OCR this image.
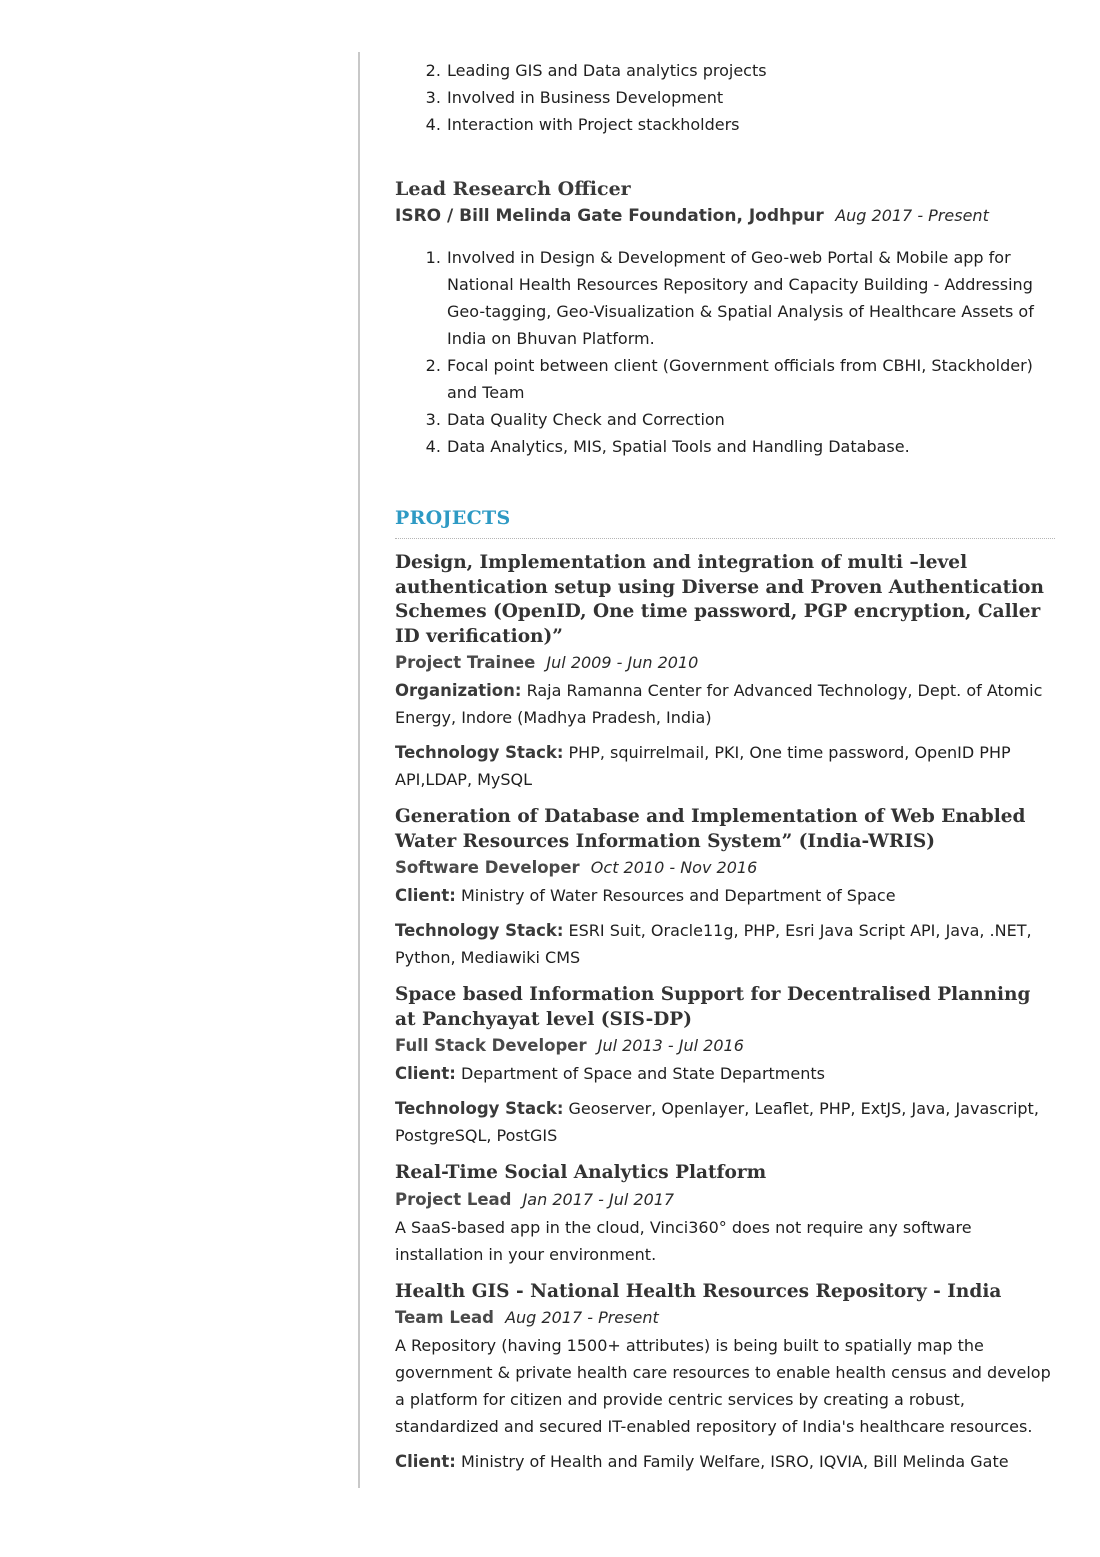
2. Leading GIS and Data analytics projects
3. Involved in Business Development
4. Interaction with Project stackholders
Lead Research Officer
ISRO / Bill Melinda Gate Foundation, Jodhpur Aug 2017 - Present
1. Involved in Design & Development of Geo-web Portal & Mobile app for National Health Resources Repository and Capacity Building - Addressing Geo-tagging, Geo-Visualization & Spatial Analysis of Healthcare Assets of India on Bhuvan Platform.
2. Focal point between client (Government officials from CBHI, Stackholder) and Team
3. Data Quality Check and Correction
4. Data Analytics, MIS, Spatial Tools and Handling Database.
PROJECTS
Design, Implementation and integration of multi –level authentication setup using Diverse and Proven Authentication Schemes (OpenID, One time password, PGP encryption, Caller ID verification)”
Project Trainee Jul 2009 - Jun 2010
Organization: Raja Ramanna Center for Advanced Technology, Dept. of Atomic Energy, Indore (Madhya Pradesh, India)
Technology Stack: PHP, squirrelmail, PKI, One time password, OpenID PHP API,LDAP, MySQL
Generation of Database and Implementation of Web Enabled Water Resources Information System” (India-WRIS)
Software Developer Oct 2010 - Nov 2016
Client: Ministry of Water Resources and Department of Space
Technology Stack: ESRI Suit, Oracle11g, PHP, Esri Java Script API, Java, .NET, Python, Mediawiki CMS
Space based Information Support for Decentralised Planning at Panchyayat level (SIS-DP)
Full Stack Developer Jul 2013 - Jul 2016
Client: Department of Space and State Departments
Technology Stack: Geoserver, Openlayer, Leaflet, PHP, ExtJS, Java, Javascript, PostgreSQL, PostGIS
Real-Time Social Analytics Platform
Project Lead Jan 2017 - Jul 2017
A SaaS-based app in the cloud, Vinci360° does not require any software installation in your environment.
Health GIS - National Health Resources Repository - India
Team Lead Aug 2017 - Present
A Repository (having 1500+ attributes) is being built to spatially map the government & private health care resources to enable health census and develop a platform for citizen and provide centric services by creating a robust, standardized and secured IT-enabled repository of India's healthcare resources.
Client: Ministry of Health and Family Welfare, ISRO, IQVIA, Bill Melinda Gate
